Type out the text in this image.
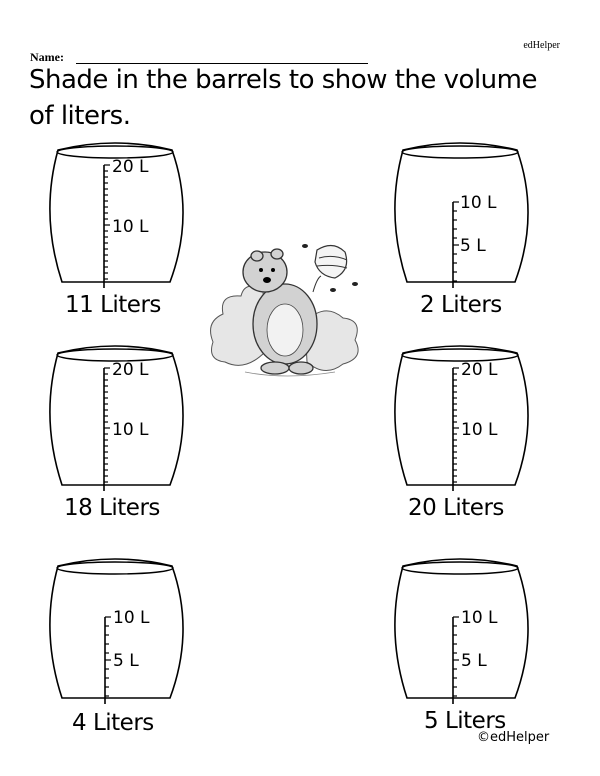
edHelper
Name:
Shade in the barrels to show the volume of liters.
20 L
10 L
11 Liters
10 L
5 L
2 Liters
20 L
10 L
18 Liters
20 L
10 L
20 Liters
10 L
5 L
4 Liters
10 L
5 L
5 Liters
©edHelper
